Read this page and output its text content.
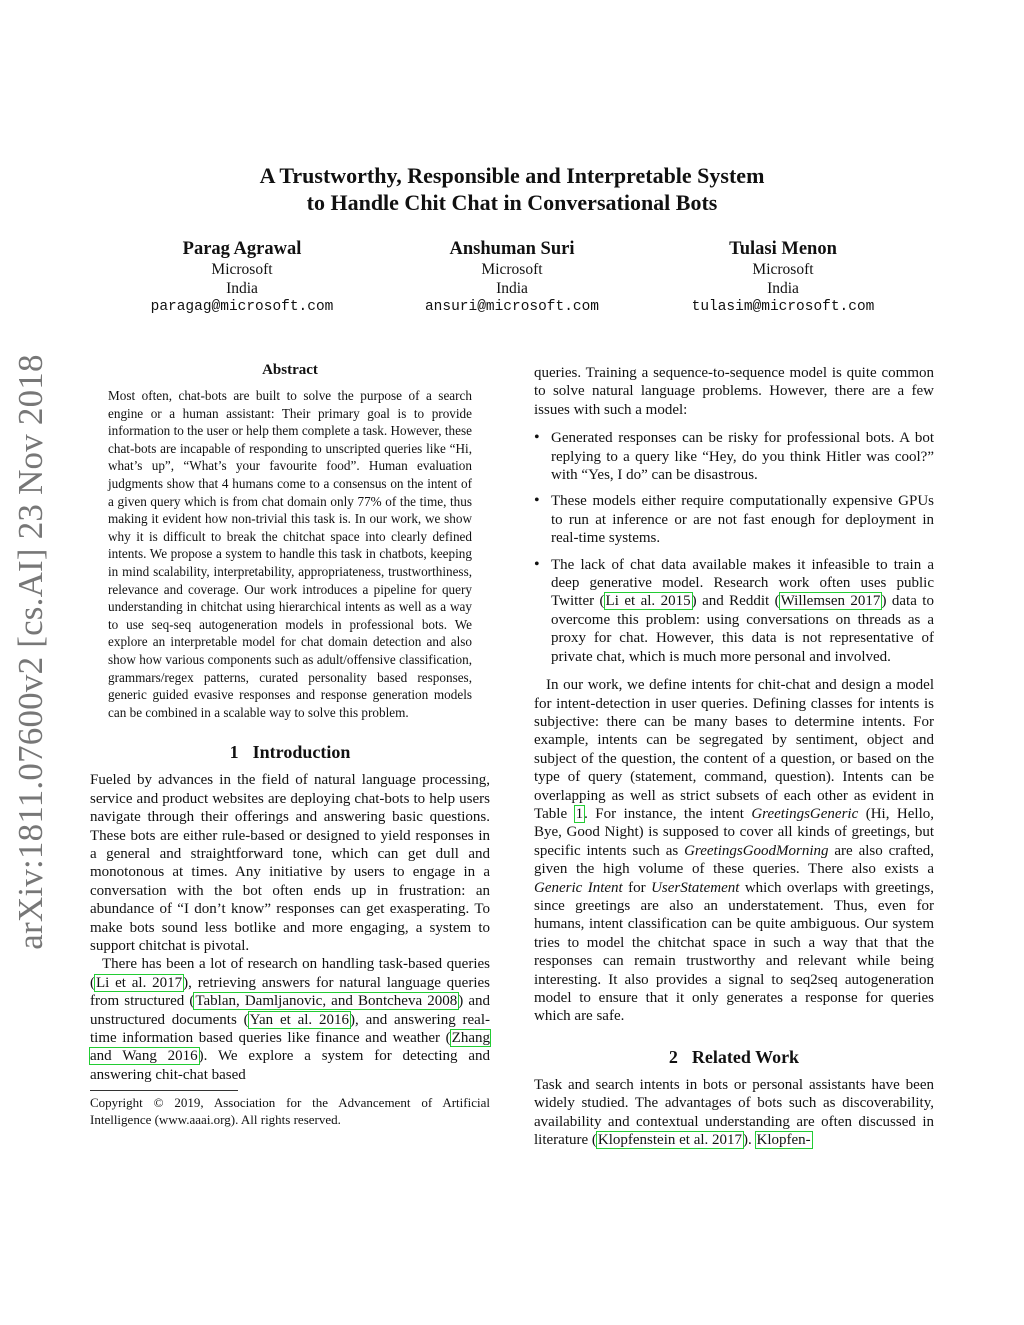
arXiv:1811.07600v2 [cs.AI] 23 Nov 2018
A Trustworthy, Responsible and Interpretable System
to Handle Chit Chat in Conversational Bots
Parag Agrawal
Microsoft
India
paragag@microsoft.com
Anshuman Suri
Microsoft
India
ansuri@microsoft.com
Tulasi Menon
Microsoft
India
tulasim@microsoft.com
Abstract

Most often, chat-bots are built to solve the purpose of a search engine or a human assistant: Their primary goal is to provide information to the user or help them complete a task. However, these chat-bots are incapable of responding to unscripted queries like “Hi, what’s up”, “What’s your favourite food”. Human evaluation judgments show that 4 humans come to a consensus on the intent of a given query which is from chat domain only 77% of the time, thus making it evident how non-trivial this task is. In our work, we show why it is difficult to break the chitchat space into clearly defined intents. We propose a system to handle this task in chatbots, keeping in mind scalability, interpretability, appropriateness, trustworthiness, relevance and coverage. Our work introduces a pipeline for query understanding in chitchat using hierarchical intents as well as a way to use seq-seq autogeneration models in professional bots. We explore an interpretable model for chat domain detection and also show how various components such as adult/offensive classification, grammars/regex patterns, curated personality based responses, generic guided evasive responses and response generation models can be combined in a scalable way to solve this problem.

1 Introduction

Fueled by advances in the field of natural language processing, service and product websites are deploying chat-bots to help users navigate through their offerings and answering basic questions. These bots are either rule-based or designed to yield responses in a general and straightforward tone, which can get dull and monotonous at times. Any initiative by users to engage in a conversation with the bot often ends up in frustration: an abundance of “I don’t know” responses can get exasperating. To make bots sound less botlike and more engaging, a system to support chitchat is pivotal.

There has been a lot of research on handling task-based queries (Li et al. 2017), retrieving answers for natural language queries from structured (Tablan, Damljanovic, and Bontcheva 2008) and unstructured documents (Yan et al. 2016), and answering real-time information based queries like finance and weather (Zhang and Wang 2016). We explore a system for detecting and answering chit-chat based

Copyright © 2019, Association for the Advancement of Artificial Intelligence (www.aaai.org). All rights reserved.

queries. Training a sequence-to-sequence model is quite common to solve natural language problems. However, there are a few issues with such a model:

• Generated responses can be risky for professional bots. A bot replying to a query like “Hey, do you think Hitler was cool?” with “Yes, I do” can be disastrous.
• These models either require computationally expensive GPUs to run at inference or are not fast enough for deployment in real-time systems.
• The lack of chat data available makes it infeasible to train a deep generative model. Research work often uses public Twitter (Li et al. 2015) and Reddit (Willemsen 2017) data to overcome this problem: using conversations on threads as a proxy for chat. However, this data is not representative of private chat, which is much more personal and involved.

In our work, we define intents for chit-chat and design a model for intent-detection in user queries. Defining classes for intents is subjective: there can be many bases to determine intents. For example, intents can be segregated by sentiment, object and subject of the question, the content of a question, or based on the type of query (statement, command, question). Intents can be overlapping as well as strict subsets of each other as evident in Table 1. For instance, the intent GreetingsGeneric (Hi, Hello, Bye, Good Night) is supposed to cover all kinds of greetings, but specific intents such as GreetingsGoodMorning are also crafted, given the high volume of these queries. There also exists a Generic Intent for UserStatement which overlaps with greetings, since greetings are also an understatement. Thus, even for humans, intent classification can be quite ambiguous. Our system tries to model the chitchat space in such a way that that the responses can remain trustworthy and relevant while being interesting. It also provides a signal to seq2seq autogeneration model to ensure that it only generates a response for queries which are safe.

2 Related Work

Task and search intents in bots or personal assistants have been widely studied. The advantages of bots such as discoverability, availability and contextual understanding are often discussed in literature (Klopfenstein et al. 2017). Klopfen-
